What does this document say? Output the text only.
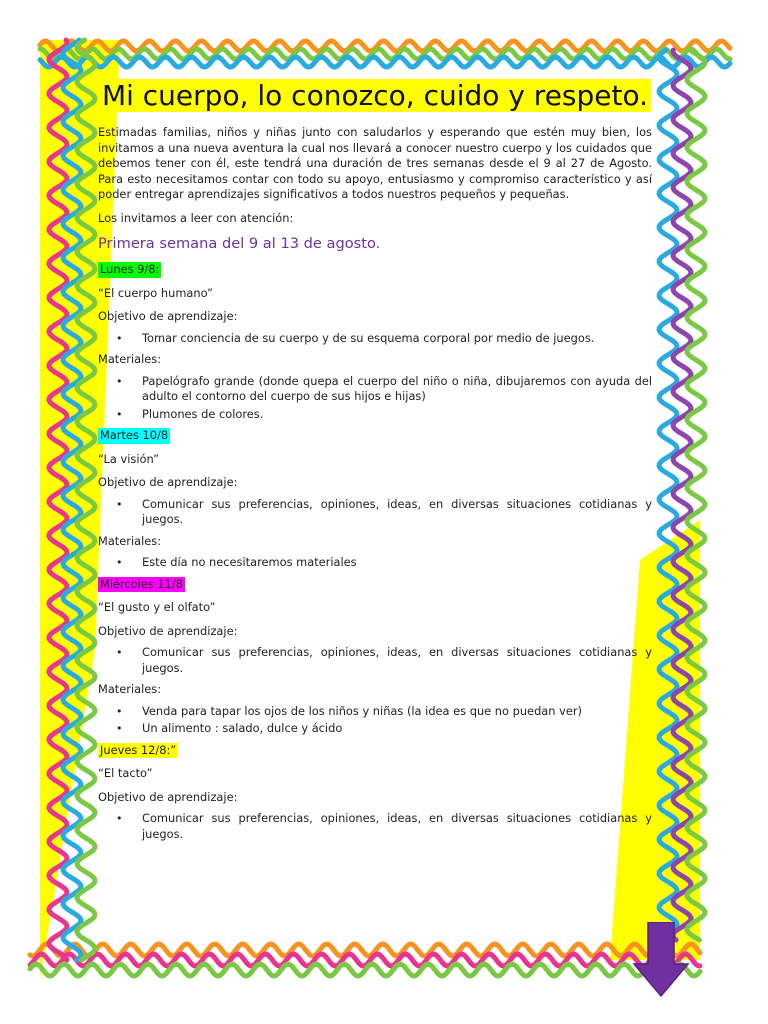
Mi cuerpo, lo conozco, cuido y respeto.

Estimadas familias, niños y niñas junto con saludarlos y esperando que estén muy bien, los invitamos a una nueva aventura la cual nos llevará a conocer nuestro cuerpo y los cuidados que debemos tener con él, este tendrá una duración de tres semanas desde el 9 al 27 de Agosto. Para esto necesitamos contar con todo su apoyo, entusiasmo y compromiso característico y así poder entregar aprendizajes significativos a todos nuestros pequeños y pequeñas.

Los invitamos a leer con atención:

Primera semana del 9 al 13 de agosto.
Lunes 9/8:

“El cuerpo humano”

Objetivo de aprendizaje:

• Tomar conciencia de su cuerpo y de su esquema corporal por medio de juegos.

Materiales:

• Papelógrafo grande (donde quepa el cuerpo del niño o niña, dibujaremos con ayuda del adulto el contorno del cuerpo de sus hijos e hijas)
• Plumones de colores.
Martes 10/8

“La visión”

Objetivo de aprendizaje:

• Comunicar sus preferencias, opiniones, ideas, en diversas situaciones cotidianas y juegos.

Materiales:

• Este día no necesitaremos materiales
Miércoles 11/8

“El gusto y el olfato”

Objetivo de aprendizaje:

• Comunicar sus preferencias, opiniones, ideas, en diversas situaciones cotidianas y juegos.

Materiales:

• Venda para tapar los ojos de los niños y niñas (la idea es que no puedan ver)
• Un alimento : salado, dulce y ácido
Jueves 12/8:”

“El tacto”

Objetivo de aprendizaje:

• Comunicar sus preferencias, opiniones, ideas, en diversas situaciones cotidianas y juegos.
